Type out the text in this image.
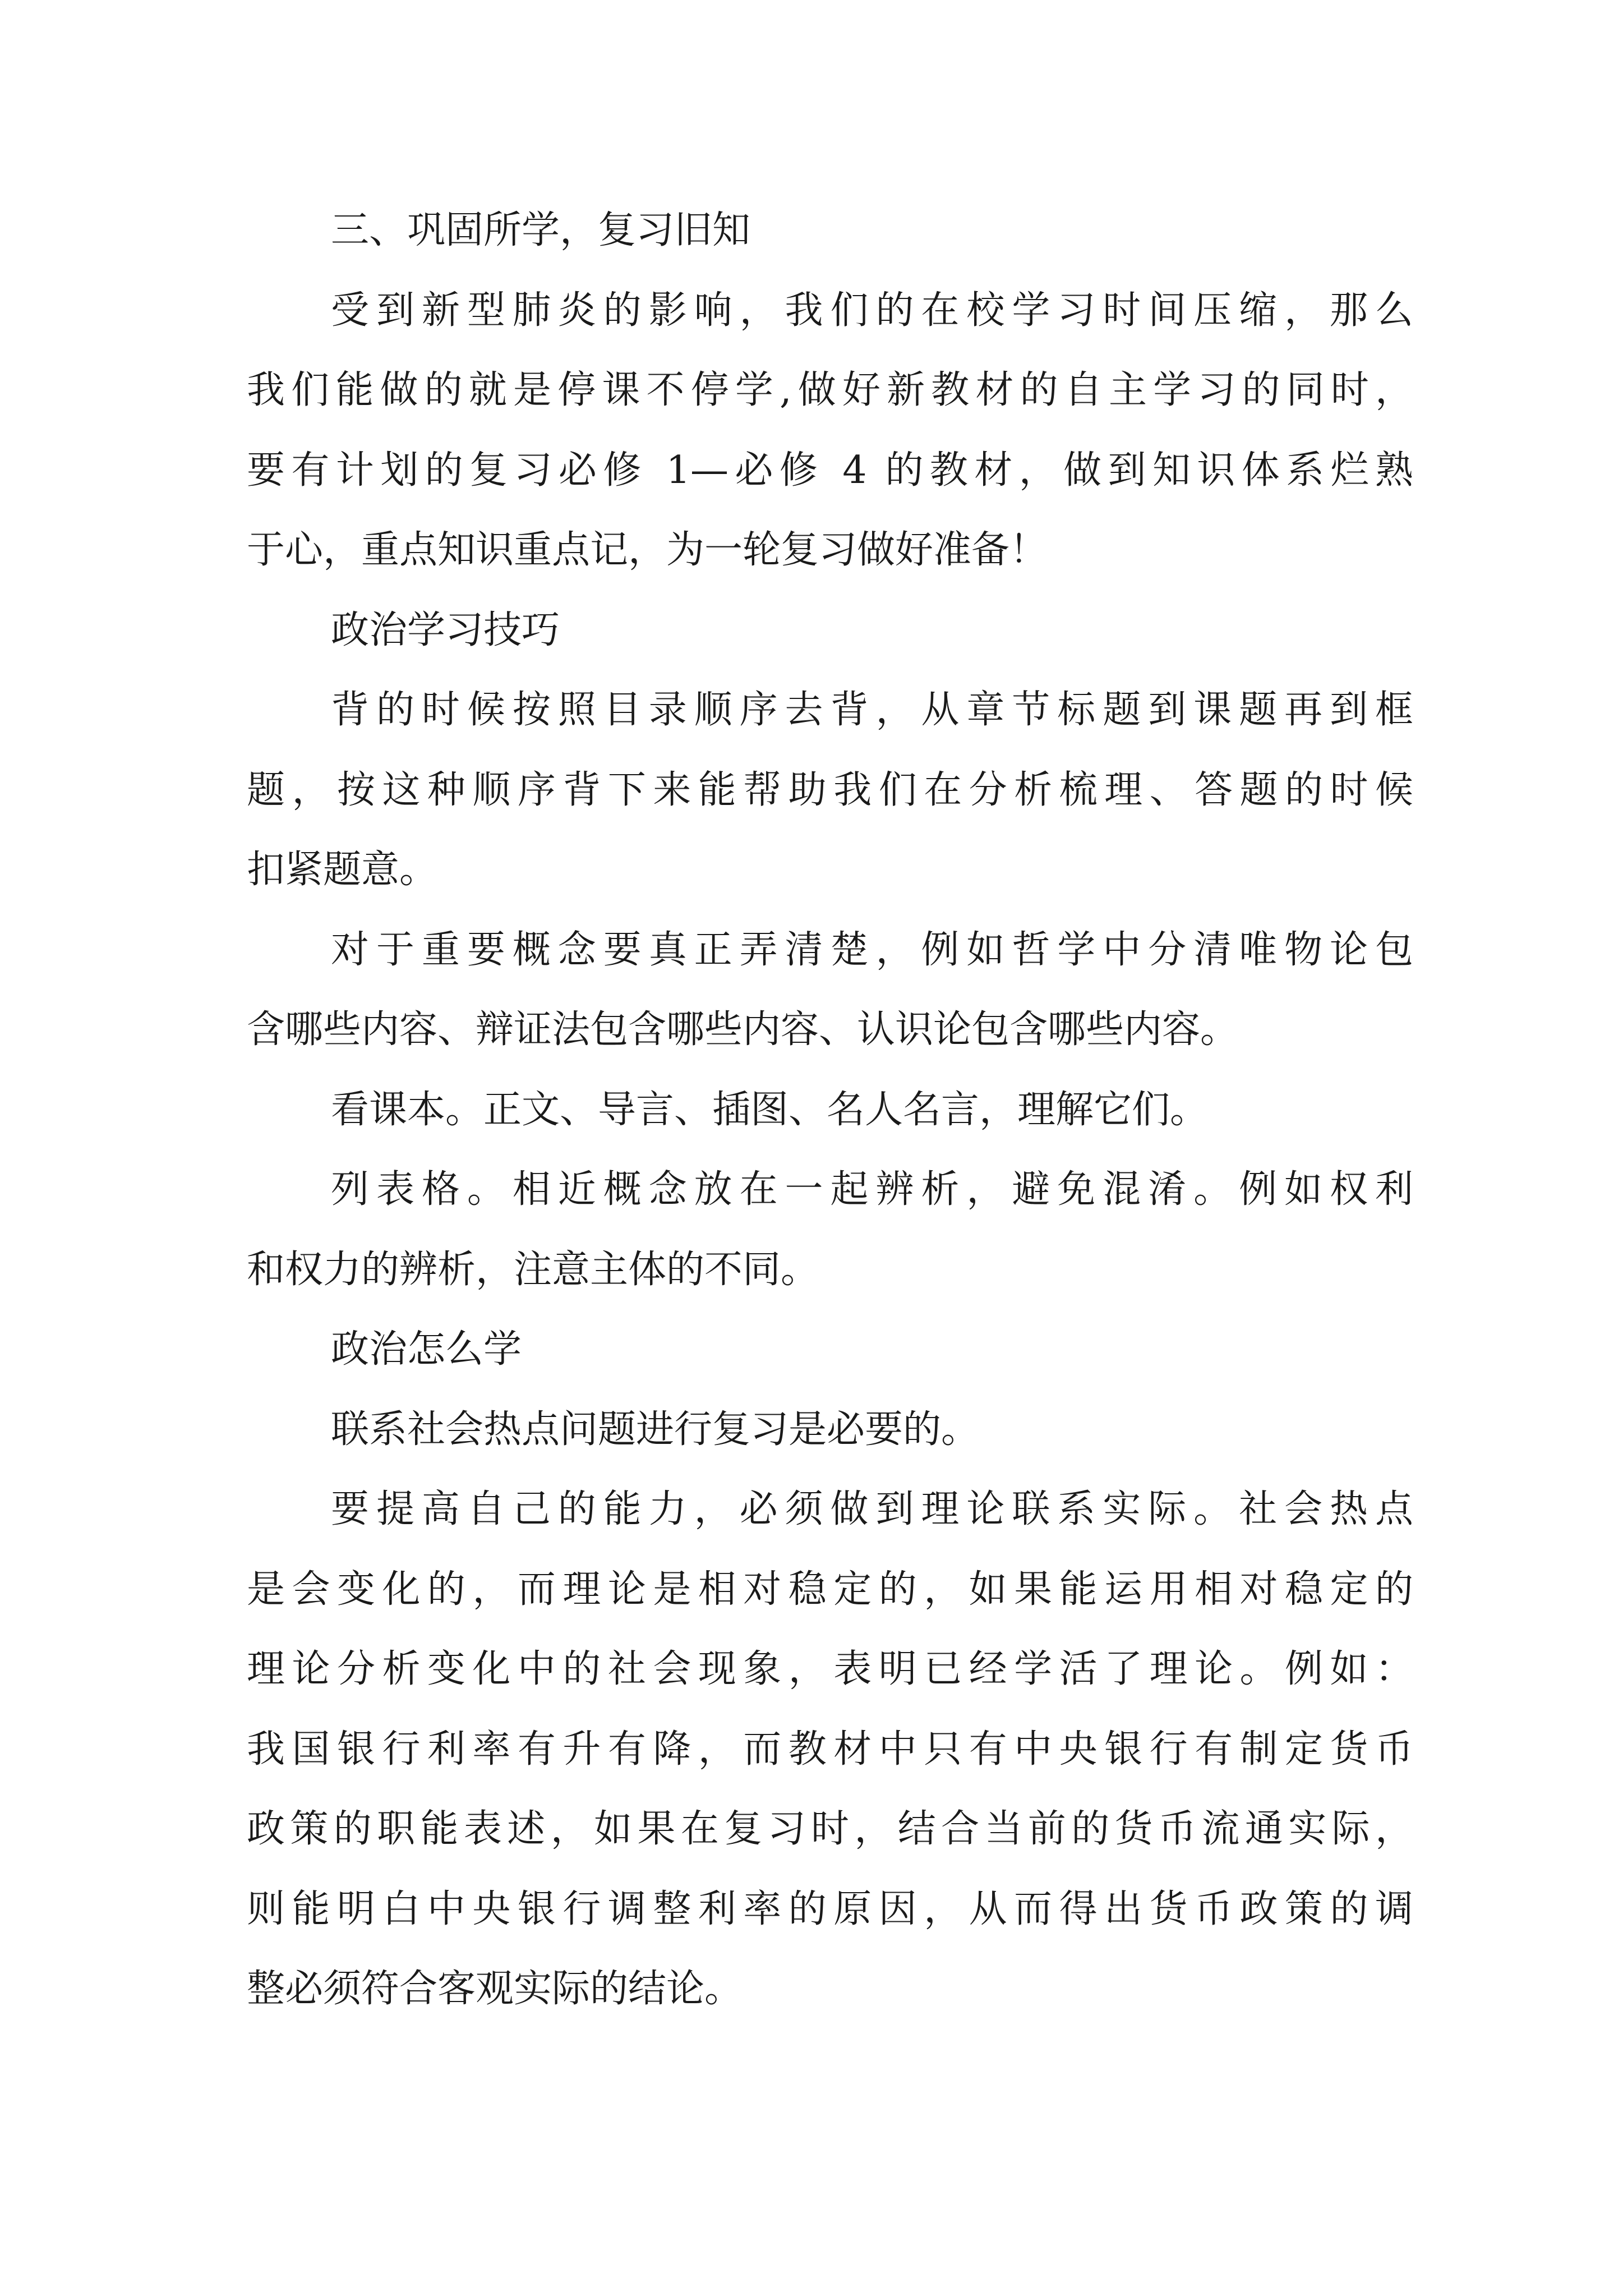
三、巩固所学，复习旧知
受到新型肺炎的影响，我们的在校学习时间压缩，那么
我们能做的就是停课不停学,做好新教材的自主学习的同时，
要有计划的复习必修 1—必修 4 的教材，做到知识体系烂熟
于心，重点知识重点记，为一轮复习做好准备！
政治学习技巧
背的时候按照目录顺序去背，从章节标题到课题再到框
题，按这种顺序背下来能帮助我们在分析梳理、答题的时候
扣紧题意。
对于重要概念要真正弄清楚，例如哲学中分清唯物论包
含哪些内容、辩证法包含哪些内容、认识论包含哪些内容。
看课本。正文、导言、插图、名人名言，理解它们。
列表格。相近概念放在一起辨析，避免混淆。例如权利
和权力的辨析，注意主体的不同。
政治怎么学
联系社会热点问题进行复习是必要的。
要提高自己的能力，必须做到理论联系实际。社会热点
是会变化的，而理论是相对稳定的，如果能运用相对稳定的
理论分析变化中的社会现象，表明已经学活了理论。例如：
我国银行利率有升有降，而教材中只有中央银行有制定货币
政策的职能表述，如果在复习时，结合当前的货币流通实际，
则能明白中央银行调整利率的原因，从而得出货币政策的调
整必须符合客观实际的结论。
